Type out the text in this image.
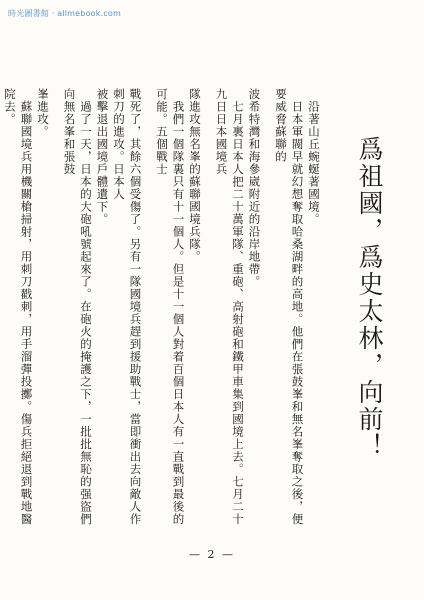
時光圖書館 · allmebook.com
爲祖國，爲史太林，向前！

　沿著山丘蜿蜒著國境。

　日本軍閥早就幻想奪取哈桑湖畔的高地。他們在張鼓峯和無名峯奪取之後，便要威脅蘇聯的

波希特灣和海參崴附近的沿岸地帶。

　七月裏日本人把二十萬軍隊、重砲、高射砲和鐵甲車集到國境上去。七月二十九日日本國境兵

隊進攻無名峯的蘇聯國境兵隊。

　我們一個隊裏只有十一個人。但是十一個人對着百個日本人有一直戰到最後的可能。五個戰士

戰死了，其餘六個受傷了。另有一隊國境兵趕到援助戰士，當即衝出去向敵人作刺刀的進攻。日本人

被擊退出國境戶體遺下。

　過了一天，日本的大砲吼號起來了。在砲火的掩護之下，一批批無恥的强盜們向無名峯和張鼓

峯進攻。

　蘇聯國境兵用機關槍掃射，用刺刀戳刺，用手溜彈投擲。傷兵拒絕退到戰地醫院去。

— 2 —
